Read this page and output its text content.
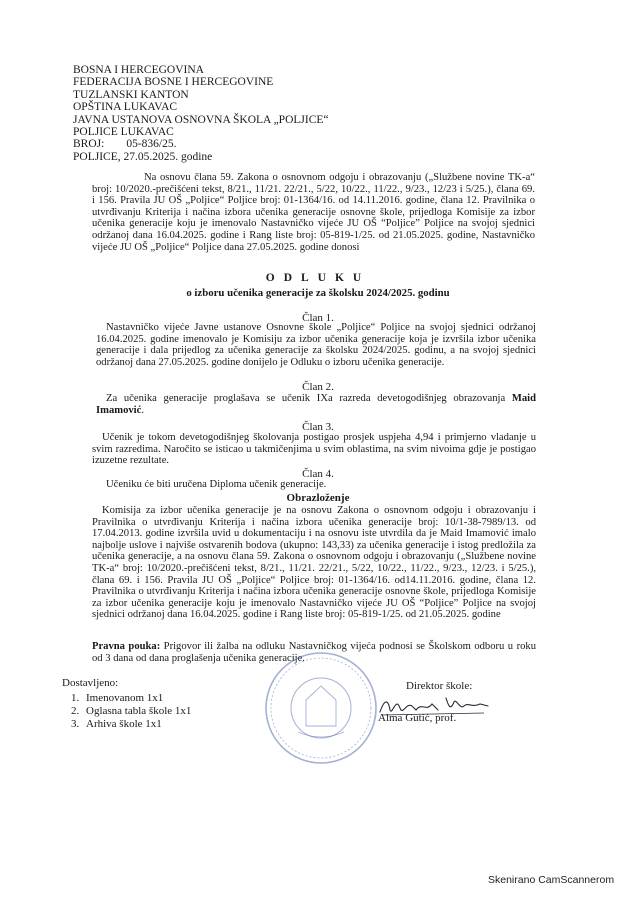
BOSNA I HERCEGOVINA
FEDERACIJA BOSNE I HERCEGOVINE
TUZLANSKI KANTON
OPŠTINA LUKAVAC
JAVNA USTANOVA OSNOVNA ŠKOLA „POLJICE“
POLJICE LUKAVAC
BROJ: 05-836/25.
POLJICE, 27.05.2025. godine
Na osnovu člana 59. Zakona o osnovnom odgoju i obrazovanju („Službene novine TK-a“ broj: 10/2020.-prečišćeni tekst, 8/21., 11/21. 22/21., 5/22, 10/22., 11/22., 9/23., 12/23 i 5/25.), člana 69. i 156. Pravila JU OŠ „Poljice“ Poljice broj: 01-1364/16. od 14.11.2016. godine, člana 12. Pravilnika o utvrđivanju Kriterija i načina izbora učenika generacije osnovne škole, prijedloga Komisije za izbor učenika generacije koju je imenovalo Nastavničko vijeće JU OŠ “Poljice” Poljice na svojoj sjednici održanoj dana 16.04.2025. godine i Rang liste broj: 05-819-1/25. od 21.05.2025. godine, Nastavničko vijeće JU OŠ „Poljice“ Poljice dana 27.05.2025. godine donosi
ODLUKU
o izboru učenika generacije za školsku 2024/2025. godinu
Član 1.
Nastavničko vijeće Javne ustanove Osnovne škole „Poljice“ Poljice na svojoj sjednici održanoj 16.04.2025. godine imenovalo je Komisiju za izbor učenika generacije koja je izvršila izbor učenika generacije i dala prijedlog za učenika generacije za školsku 2024/2025. godinu, a na svojoj sjednici održanoj dana 27.05.2025. godine donijelo je Odluku o izboru učenika generacije.
Član 2.
Za učenika generacije proglašava se učenik IXa razreda devetogodišnjeg obrazovanja Maid Imamović.
Član 3.
Učenik je tokom devetogodišnjeg školovanja postigao prosjek uspjeha 4,94 i primjerno vladanje u svim razredima. Naročito se isticao u takmičenjima u svim oblastima, na svim nivoima gdje je postigao izuzetne rezultate.
Član 4.
Učeniku će biti uručena Diploma učenik generacije.
Obrazloženje
Komisija za izbor učenika generacije je na osnovu Zakona o osnovnom odgoju i obrazovanju i Pravilnika o utvrđivanju Kriterija i načina izbora učenika generacije broj: 10/1-38-7989/13. od 17.04.2013. godine izvršila uvid u dokumentaciju i na osnovu iste utvrdila da je Maid Imamović imalo najbolje uslove i najviše ostvarenih bodova (ukupno: 143,33) za učenika generacije i istog predložila za učenika generacije, a na osnovu člana 59. Zakona o osnovnom odgoju i obrazovanju („Službene novine TK-a“ broj: 10/2020.-prečišćeni tekst, 8/21., 11/21. 22/21., 5/22, 10/22., 11/22., 9/23., 12/23. i 5/25.), člana 69. i 156. Pravila JU OŠ „Poljice“ Poljice broj: 01-1364/16. od14.11.2016. godine, člana 12. Pravilnika o utvrđivanju Kriterija i načina izbora učenika generacije osnovne škole, prijedloga Komisije za izbor učenika generacije koju je imenovalo Nastavničko vijeće JU OŠ “Poljice” Poljice na svojoj sjednici održanoj dana 16.04.2025. godine i Rang liste broj: 05-819-1/25. od 21.05.2025. godine
Pravna pouka: Prigovor ili žalba na odluku Nastavničkog vijeća podnosi se Školskom odboru u roku od 3 dana od dana proglašenja učenika generacije.
Dostavljeno:
1. Imenovanom 1x1
2. Oglasna tabla škole 1x1
3. Arhiva škole 1x1
Direktor škole:
Alma Gutić, prof.
Skenirano CamScannerom
